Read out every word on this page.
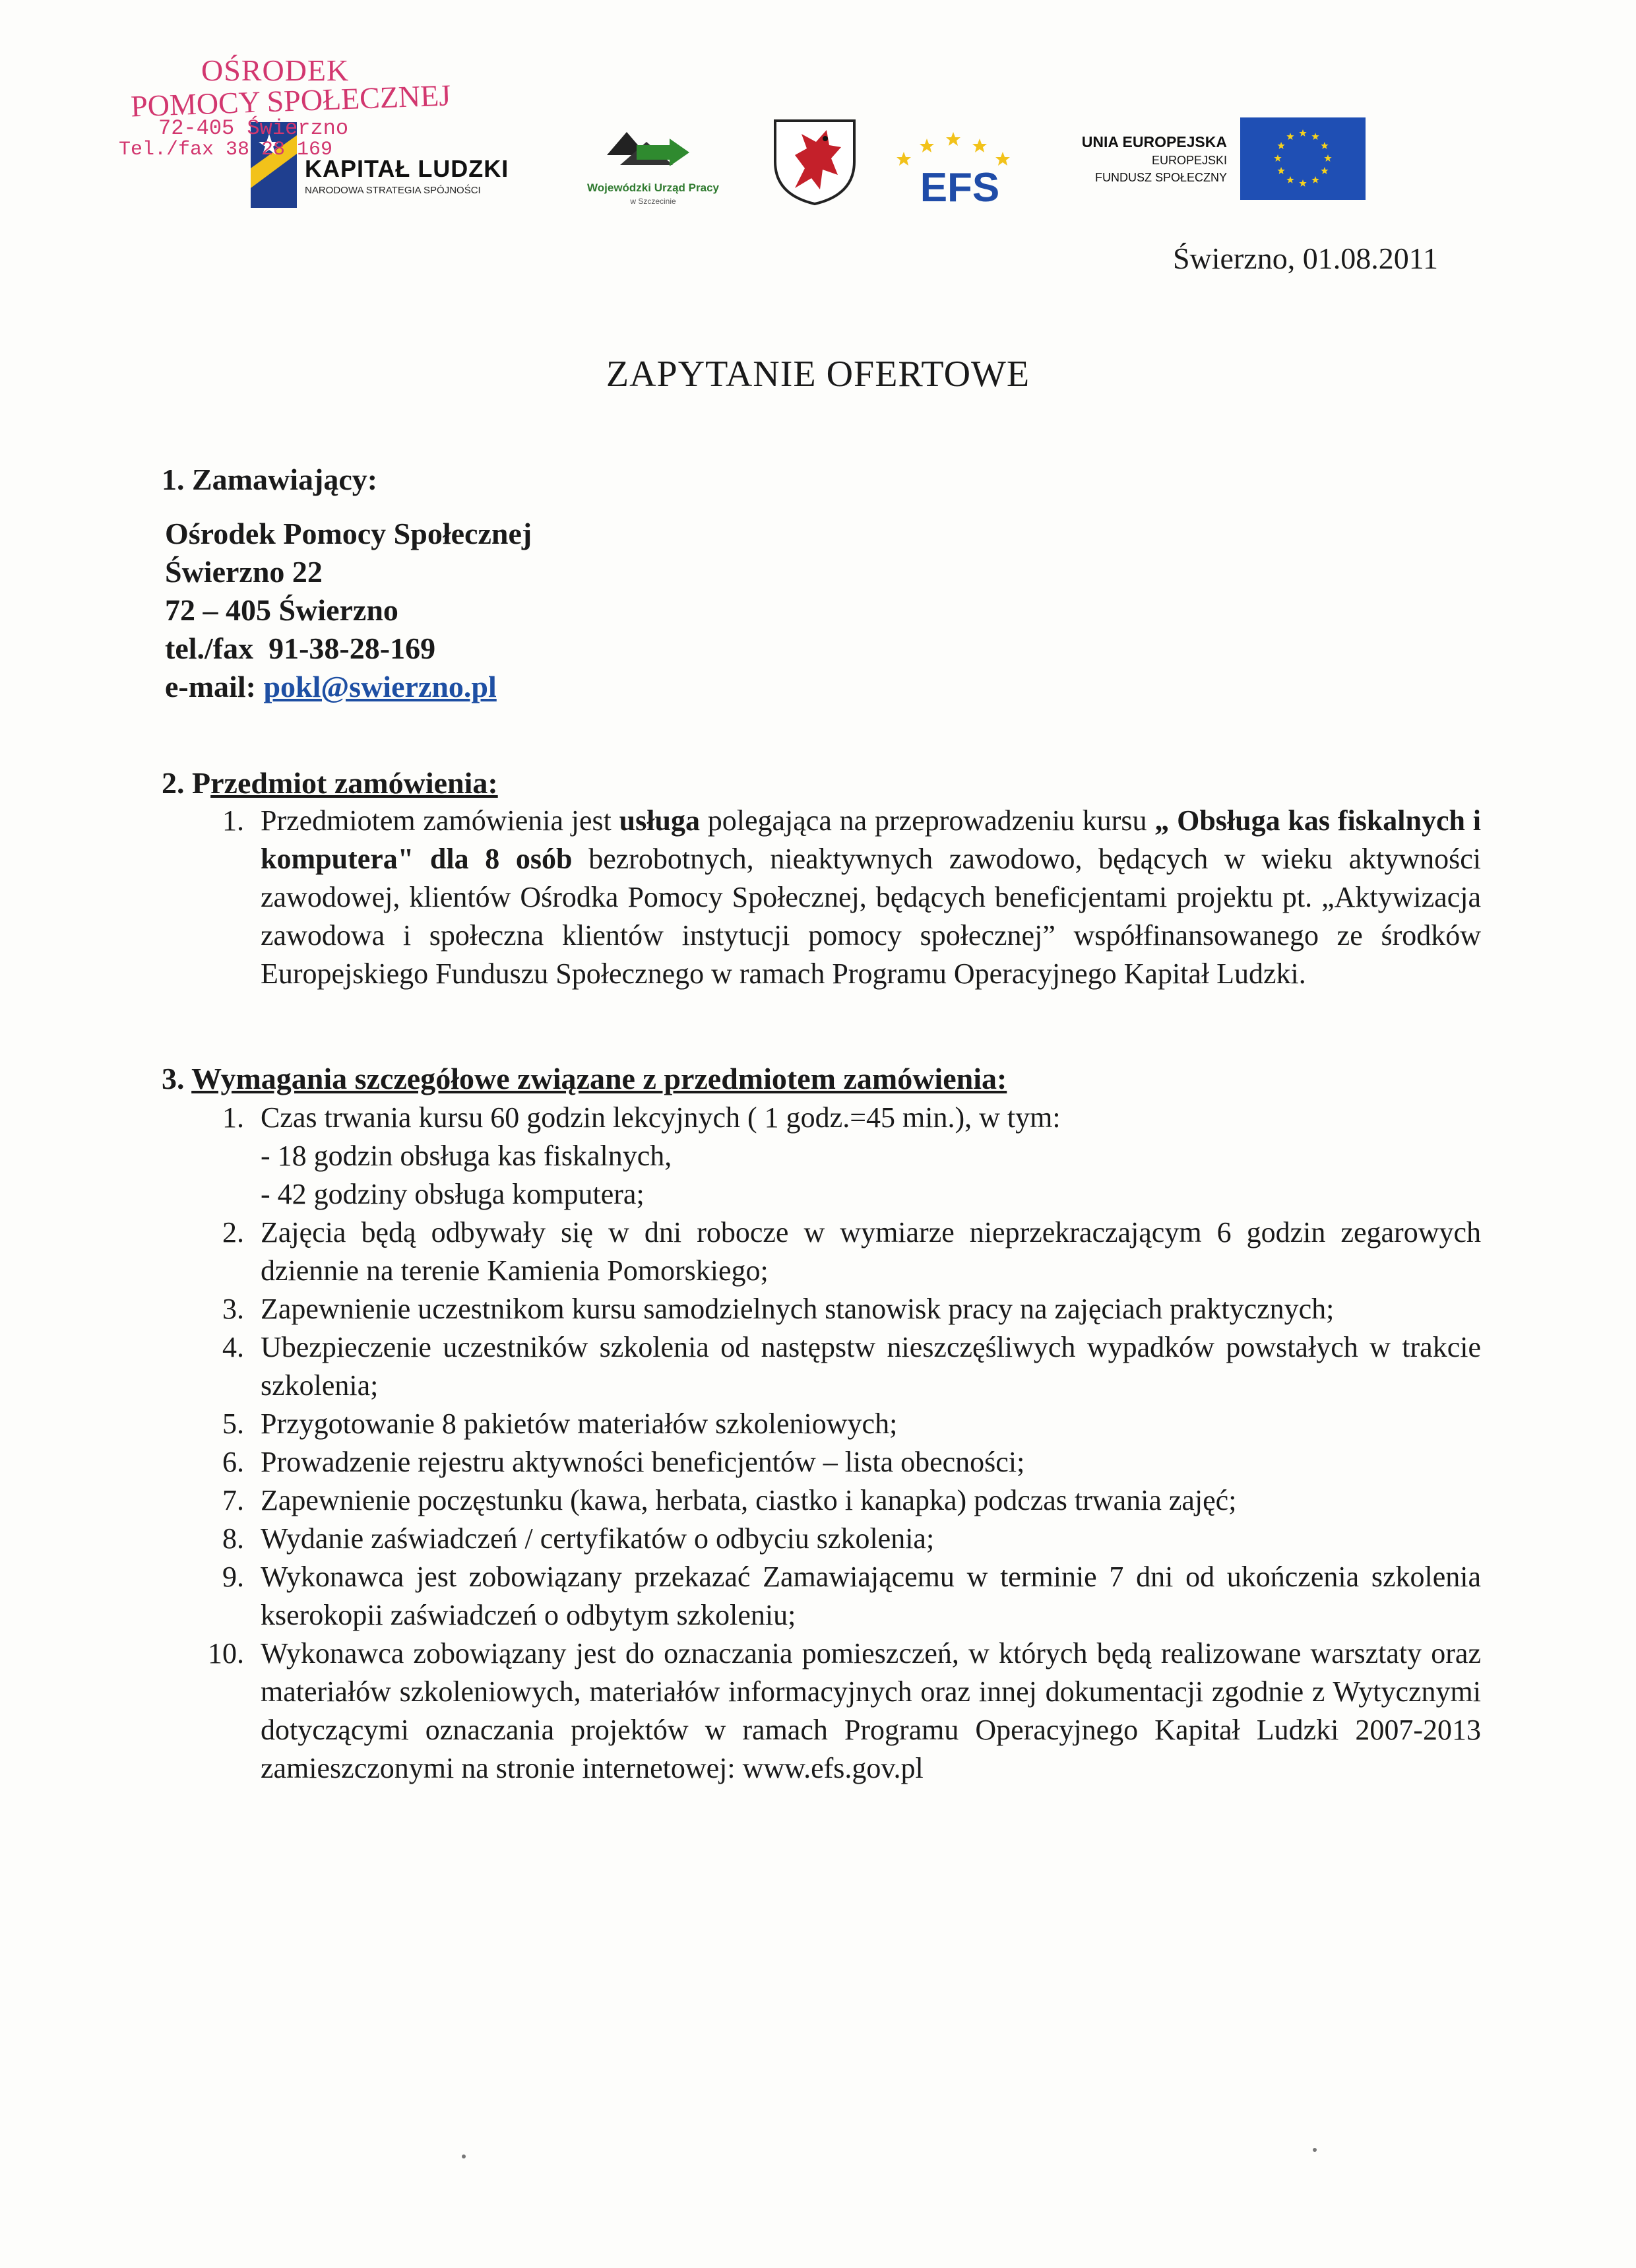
KAPITAŁ LUDZKI
NARODOWA STRATEGIA SPÓJNOŚCI
OŚRODEK
POMOCY SPOŁECZNEJ
72-405 Świerzno
Tel./fax 38 28 169
Wojewódzki Urząd Pracy
w Szczecinie	EFS
UNIA EUROPEJSKA
EUROPEJSKI
FUNDUSZ SPOŁECZNY
Świerzno, 01.08.2011
ZAPYTANIE OFERTOWE
1. Zamawiający:
Ośrodek Pomocy Społecznej
Świerzno 22
72 – 405 Świerzno
tel./fax  91-38-28-169
e-mail: pokl@swierzno.pl
2. Przedmiot zamówienia:
1. Przedmiotem zamówienia jest usługa polegająca na przeprowadzeniu kursu „ Obsługa kas fiskalnych i komputera" dla 8 osób bezrobotnych, nieaktywnych zawodowo, będących w wieku aktywności zawodowej, klientów Ośrodka Pomocy Społecznej, będących beneficjentami projektu pt. „Aktywizacja zawodowa i społeczna klientów instytucji pomocy społecznej” współfinansowanego ze środków Europejskiego Funduszu Społecznego w ramach Programu Operacyjnego Kapitał Ludzki.
3. Wymagania szczegółowe związane z przedmiotem zamówienia:
1. Czas trwania kursu 60 godzin lekcyjnych ( 1 godz.=45 min.), w tym:
- 18 godzin obsługa kas fiskalnych,
- 42 godziny obsługa komputera;
2. Zajęcia będą odbywały się w dni robocze w wymiarze nieprzekraczającym 6 godzin zegarowych dziennie na terenie Kamienia Pomorskiego;
3. Zapewnienie uczestnikom kursu samodzielnych stanowisk pracy na zajęciach praktycznych;
4. Ubezpieczenie uczestników szkolenia od następstw nieszczęśliwych wypadków powstałych w trakcie szkolenia;
5. Przygotowanie 8 pakietów materiałów szkoleniowych;
6. Prowadzenie rejestru aktywności beneficjentów – lista obecności;
7. Zapewnienie poczęstunku (kawa, herbata, ciastko i kanapka) podczas trwania zajęć;
8. Wydanie zaświadczeń / certyfikatów o odbyciu szkolenia;
9. Wykonawca jest zobowiązany przekazać Zamawiającemu w terminie 7 dni od ukończenia szkolenia kserokopii zaświadczeń o odbytym szkoleniu;
10. Wykonawca zobowiązany jest do oznaczania pomieszczeń, w których będą realizowane warsztaty oraz materiałów szkoleniowych, materiałów informacyjnych oraz innej dokumentacji zgodnie z Wytycznymi dotyczącymi oznaczania projektów w ramach Programu Operacyjnego Kapitał Ludzki 2007-2013 zamieszczonymi na stronie internetowej: www.efs.gov.pl
